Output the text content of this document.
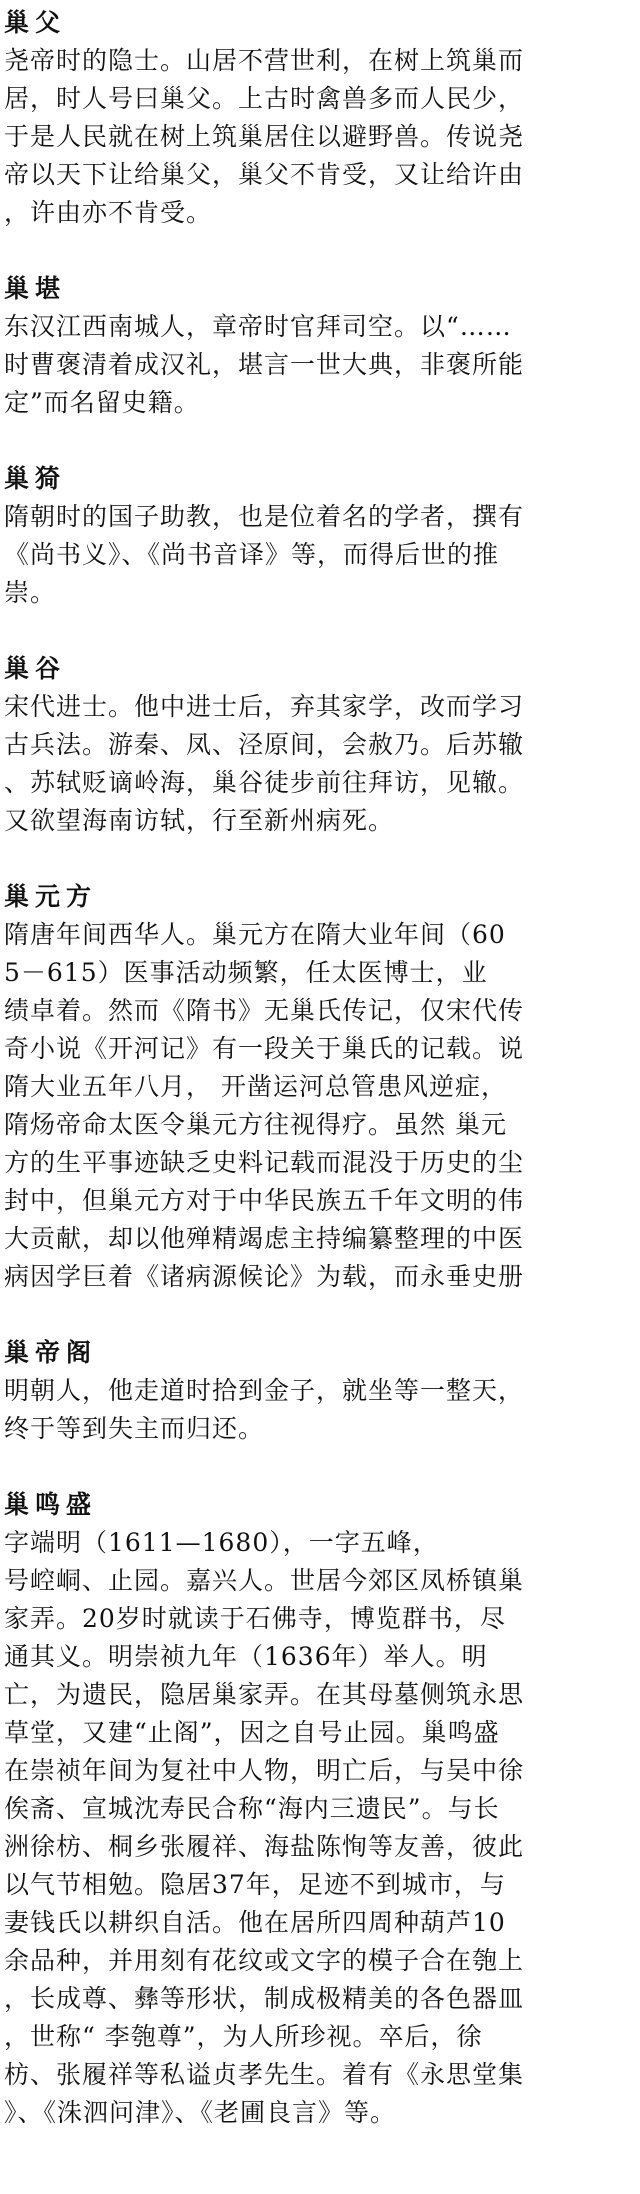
巢父
尧帝时的隐士。山居不营世利，在树上筑巢而
居，时人号曰巢父。上古时禽兽多而人民少，
于是人民就在树上筑巢居住以避野兽。传说尧
帝以天下让给巢父，巢父不肯受，又让给许由
，许由亦不肯受。
巢堪
东汉江西南城人，章帝时官拜司空。以“……
时曹褒清着成汉礼，堪言一世大典，非褒所能
定”而名留史籍。
巢猗
隋朝时的国子助教，也是位着名的学者，撰有
《尚书义》、《尚书音译》等，而得后世的推
崇。
巢谷
宋代进士。他中进士后，弃其家学，改而学习
古兵法。游秦、凤、泾原间，会赦乃。后苏辙
、苏轼贬谪岭海，巢谷徒步前往拜访，见辙。
又欲望海南访轼，行至新州病死。
巢元方
隋唐年间西华人。巢元方在隋大业年间（60
5－615）医事活动频繁，任太医博士，业
绩卓着。然而《隋书》无巢氏传记，仅宋代传
奇小说《开河记》有一段关于巢氏的记载。说
隋大业五年八月， 开凿运河总管患风逆症，
隋炀帝命太医令巢元方往视得疗。虽然 巢元
方的生平事迹缺乏史料记载而混没于历史的尘
封中，但巢元方对于中华民族五千年文明的伟
大贡献，却以他殚精竭虑主持编纂整理的中医
病因学巨着《诸病源候论》为载，而永垂史册
巢帝阁
明朝人，他走道时拾到金子，就坐等一整天，
终于等到失主而归还。
巢鸣盛
字端明（1611—1680），一字五峰，
号崆峒、止园。嘉兴人。世居今郊区凤桥镇巢
家弄。20岁时就读于石佛寺，博览群书，尽
通其义。明崇祯九年（1636年）举人。明
亡，为遗民，隐居巢家弄。在其母墓侧筑永思
草堂，又建“止阁”，因之自号止园。巢鸣盛
在崇祯年间为复社中人物，明亡后，与吴中徐
俟斋、宣城沈寿民合称“海内三遗民”。与长
洲徐枋、桐乡张履祥、海盐陈恂等友善，彼此
以气节相勉。隐居37年，足迹不到城市，与
妻钱氏以耕织自活。他在居所四周种葫芦10
余品种，并用刻有花纹或文字的模子合在匏上
，长成尊、彝等形状，制成极精美的各色器皿
，世称“ 李匏尊”，为人所珍视。卒后，徐
枋、张履祥等私谥贞孝先生。着有《永思堂集
》、《洙泗问津》、《老圃良言》等。
